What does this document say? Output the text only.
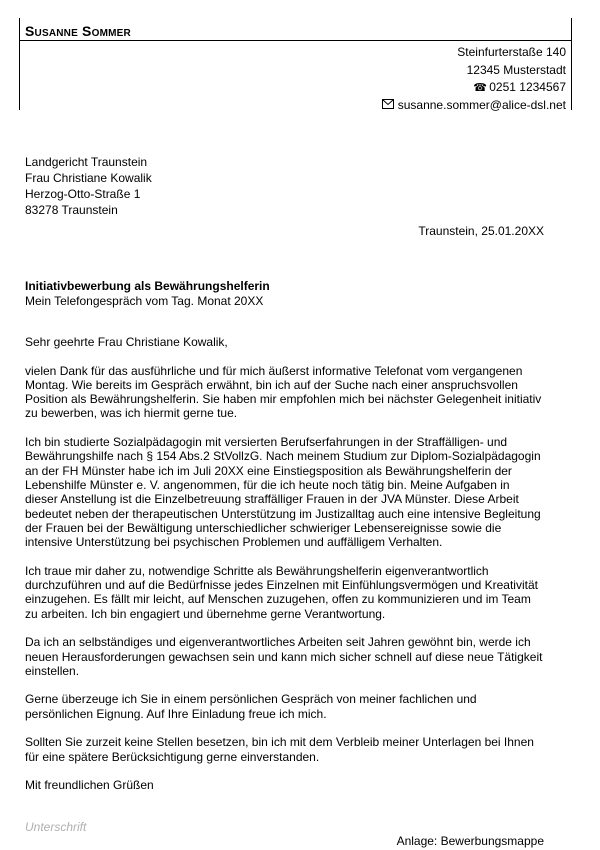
Susanne Sommer
Steinfurterstaße 140
12345 Musterstadt
☎ 0251 1234567
susanne.sommer@alice-dsl.net
Landgericht Traunstein
Frau Christiane Kowalik
Herzog-Otto-Straße 1
83278 Traunstein
Traunstein, 25.01.20XX
Initiativbewerbung als Bewährungshelferin
Mein Telefongespräch vom Tag. Monat 20XX

Sehr geehrte Frau Christiane Kowalik,

vielen Dank für das ausführliche und für mich äußerst informative Telefonat vom vergangenen Montag. Wie bereits im Gespräch erwähnt, bin ich auf der Suche nach einer anspruchsvollen Position als Bewährungshelferin. Sie haben mir empfohlen mich bei nächster Gelegenheit initiativ zu bewerben, was ich hiermit gerne tue.

Ich bin studierte Sozialpädagogin mit versierten Berufserfahrungen in der Straffälligen- und Bewährungshilfe nach § 154 Abs.2 StVollzG. Nach meinem Studium zur Diplom-Sozialpädagogin an der FH Münster habe ich im Juli 20XX eine Einstiegsposition als Bewährungshelferin der Lebenshilfe Münster e. V. angenommen, für die ich heute noch tätig bin. Meine Aufgaben in dieser Anstellung ist die Einzelbetreuung straffälliger Frauen in der JVA Münster. Diese Arbeit bedeutet neben der therapeutischen Unterstützung im Justizalltag auch eine intensive Begleitung der Frauen bei der Bewältigung unterschiedlicher schwieriger Lebensereignisse sowie die intensive Unterstützung bei psychischen Problemen und auffälligem Verhalten.

Ich traue mir daher zu, notwendige Schritte als Bewährungshelferin eigenverantwortlich durchzuführen und auf die Bedürfnisse jedes Einzelnen mit Einfühlungsvermögen und Kreativität einzugehen. Es fällt mir leicht, auf Menschen zuzugehen, offen zu kommunizieren und im Team zu arbeiten. Ich bin engagiert und übernehme gerne Verantwortung.

Da ich an selbständiges und eigenverantwortliches Arbeiten seit Jahren gewöhnt bin, werde ich neuen Herausforderungen gewachsen sein und kann mich sicher schnell auf diese neue Tätigkeit einstellen.

Gerne überzeuge ich Sie in einem persönlichen Gespräch von meiner fachlichen und persönlichen Eignung. Auf Ihre Einladung freue ich mich.

Sollten Sie zurzeit keine Stellen besetzen, bin ich mit dem Verbleib meiner Unterlagen bei Ihnen für eine spätere Berücksichtigung gerne einverstanden.

Mit freundlichen Grüßen

Unterschrift
Anlage: Bewerbungsmappe
